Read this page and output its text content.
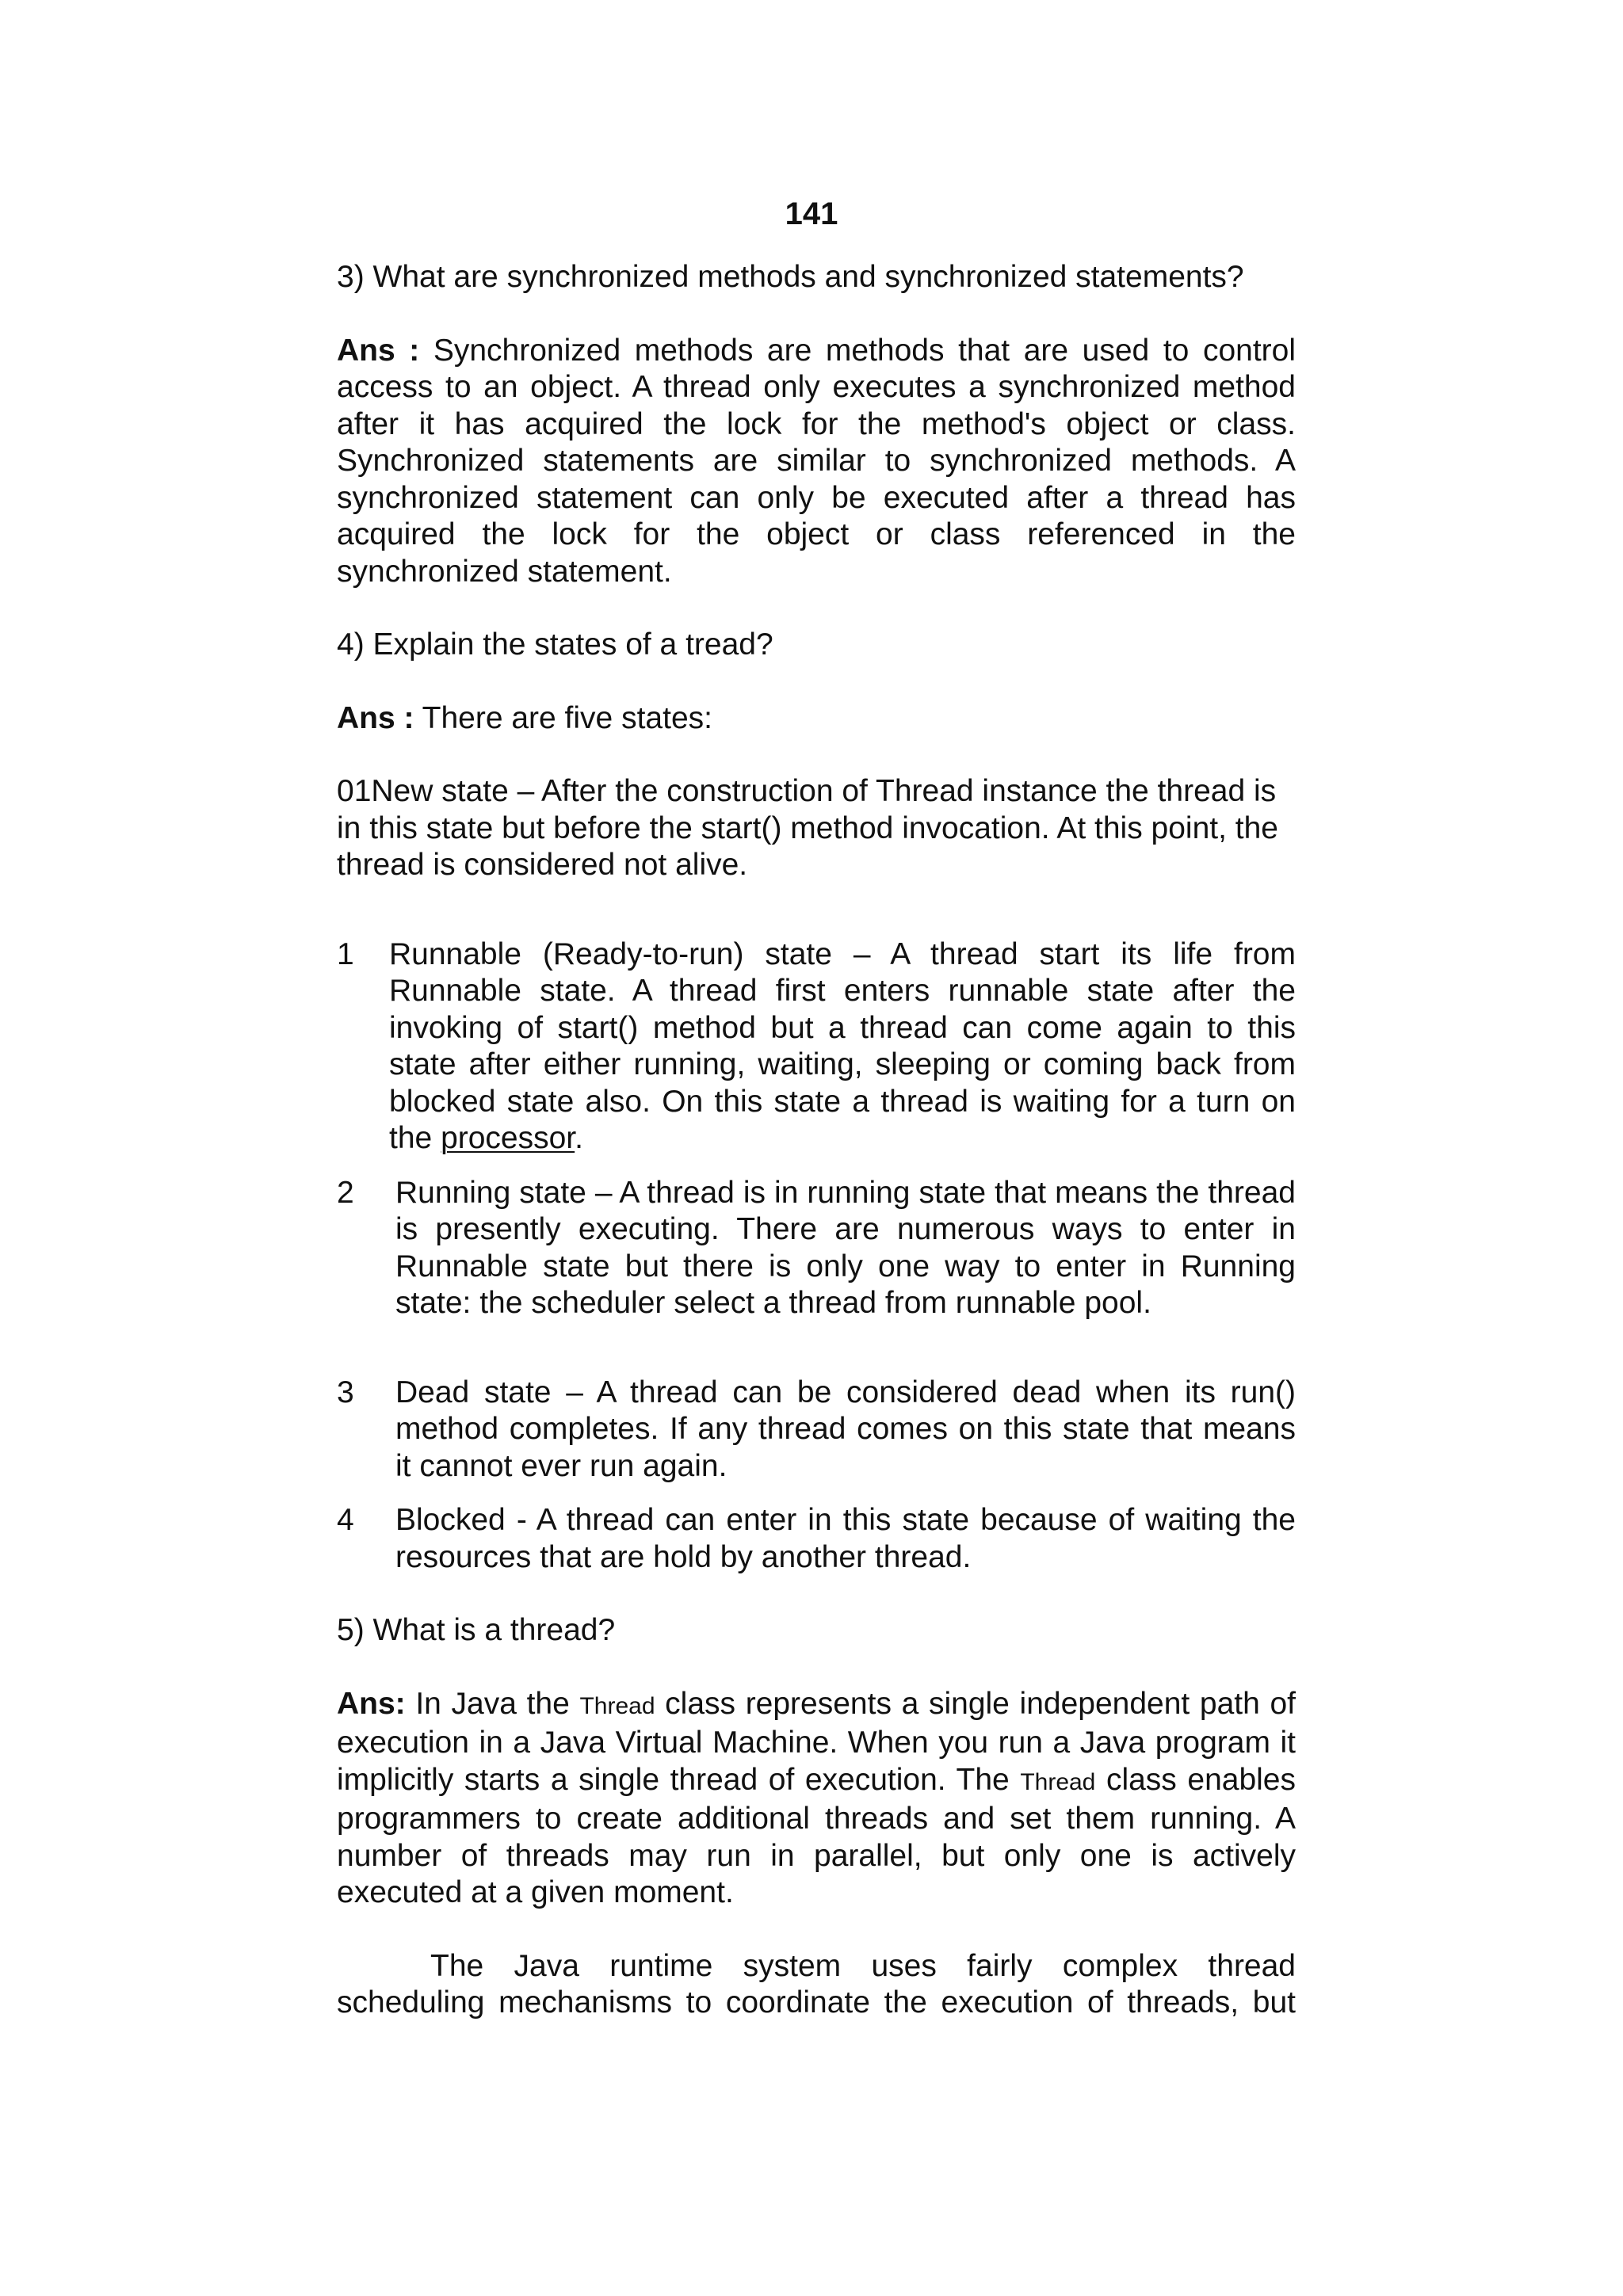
141

3) What are synchronized methods and synchronized statements?

Ans : Synchronized methods are methods that are used to control access to an object. A thread only executes a synchronized method after it has acquired the lock for the method's object or class. Synchronized statements are similar to synchronized methods. A synchronized statement can only be executed after a thread has acquired the lock for the object or class referenced in the synchronized statement.

4) Explain the states of a tread?

Ans : There are five states:

01New state – After the construction of Thread instance the thread is in this state but before the start() method invocation. At this point, the thread is considered not alive.

1	Runnable (Ready-to-run) state – A thread start its life from Runnable state. A thread first enters runnable state after the invoking of start() method but a thread can come again to this state after either running, waiting, sleeping or coming back from blocked state also. On this state a thread is waiting for a turn on the processor.
2	Running state – A thread is in running state that means the thread is presently executing. There are numerous ways to enter in Runnable state but there is only one way to enter in Running state: the scheduler select a thread from runnable pool.
3	Dead state – A thread can be considered dead when its run() method completes. If any thread comes on this state that means it cannot ever run again.
4	Blocked - A thread can enter in this state because of waiting the resources that are hold by another thread.

5) What is a thread?

Ans: In Java the Thread class represents a single independent path of execution in a Java Virtual Machine. When you run a Java program it implicitly starts a single thread of execution. The Thread class enables programmers to create additional threads and set them running. A number of threads may run in parallel, but only one is actively executed at a given moment.

The Java runtime system uses fairly complex thread scheduling mechanisms to coordinate the execution of threads, but
